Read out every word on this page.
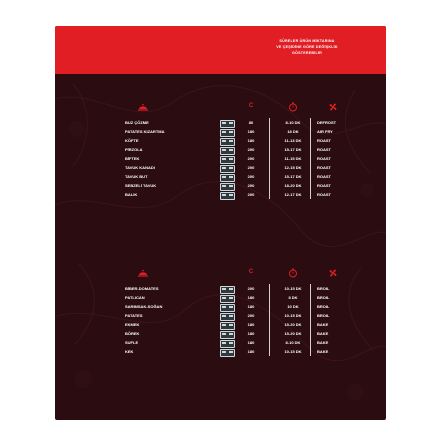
SÜRELER ÜRÜN MİKTARINA
VE ÇEŞİDİNE GÖRE DEĞİŞKLİK
GÖSTEREBİLİR
C
BUZ ÇÖZME	80	8-10 DK	DEFROST
PATATES KIZARTMA	180	18 DK	AIR FRY
KÖFTE	180	11-13 DK	ROAST
PİRZOLA	200	15-17 DK	ROAST
BİFTEK	200	11-15 DK	ROAST
TAVUK KANADI	200	12-15 DK	ROAST
TAVUK BUT	200	15-17 DK	ROAST
SEBZELİ TAVUK	200	18-20 DK	ROAST
BALIK	200	12-17 DK	ROAST
C
BİBER-DOMATES	200	10-15 DK	BROIL
PATLICAN	180	8 DK	BROIL
SARIMSAK-SOĞAN	180	10 DK	BROIL
PATATES	200	10-15 DK	BROIL
EKMEK	180	15-20 DK	BAKE
BÖREK	180	15-20 DK	BAKE
SUFLE	180	8-10 DK	BAKE
KEK	180	10-15 DK	BAKE
